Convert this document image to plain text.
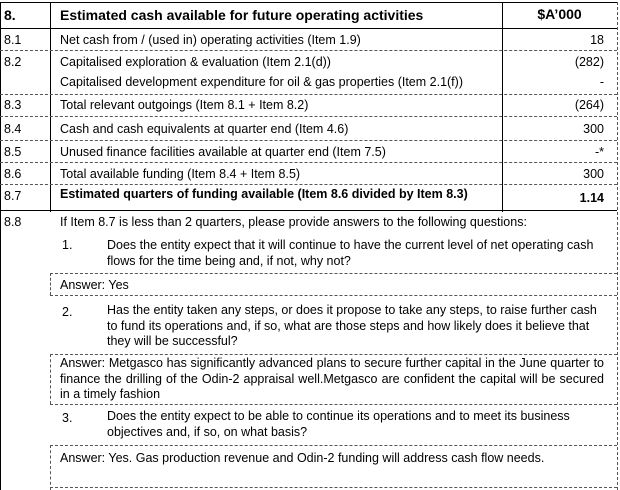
8.	Estimated cash available for future operating activities	$A’000
8.1	Net cash from / (used in) operating activities (Item 1.9)	18
8.2	Capitalised exploration & evaluation (Item 2.1(d))	(282)
Capitalised development expenditure for oil & gas properties (Item 2.1(f))	-
8.3	Total relevant outgoings (Item 8.1 + Item 8.2)	(264)
8.4	Cash and cash equivalents at quarter end (Item 4.6)	300
8.5	Unused finance facilities available at quarter end (Item 7.5)	-*
8.6	Total available funding (Item 8.4 + Item 8.5)	300
8.7	Estimated quarters of funding available (Item 8.6 divided by Item 8.3)	1.14
8.8	If Item 8.7 is less than 2 quarters, please provide answers to the following questions:
1.	Does the entity expect that it will continue to have the current level of net operating cash flows for the time being and, if not, why not?
Answer: Yes
2.	Has the entity taken any steps, or does it propose to take any steps, to raise further cash to fund its operations and, if so, what are those steps and how likely does it believe that they will be successful?
Answer: Metgasco has significantly advanced plans to secure further capital in the June quarter to finance the drilling of the Odin-2 appraisal well.Metgasco are confident the capital will be secured in a timely fashion
3.	Does the entity expect to be able to continue its operations and to meet its business objectives and, if so, on what basis?
Answer: Yes. Gas production revenue and Odin-2 funding will address cash flow needs.
